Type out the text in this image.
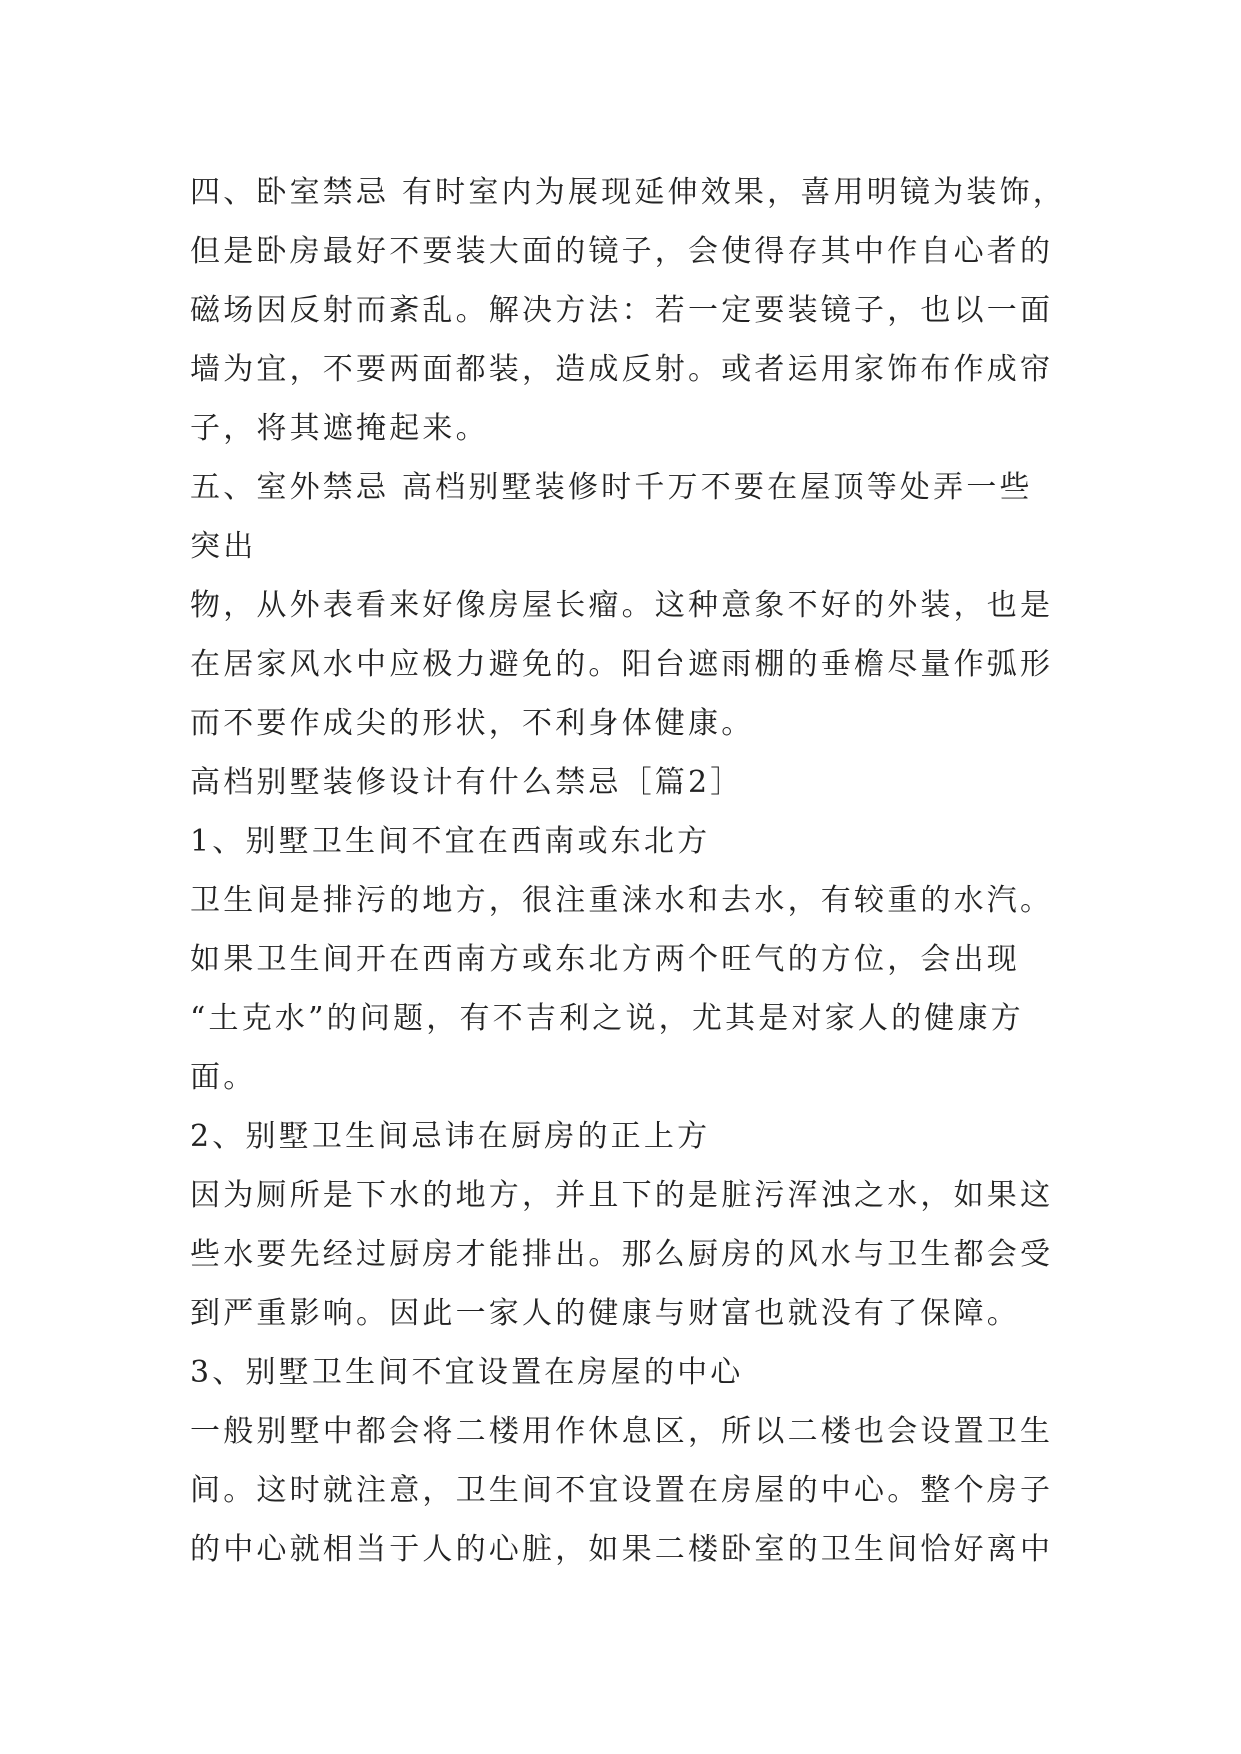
四、卧室禁忌 有时室内为展现延伸效果，喜用明镜为装饰，
但是卧房最好不要装大面的镜子，会使得存其中作自心者的
磁场因反射而紊乱。解决方法：若一定要装镜子，也以一面
墙为宜，不要两面都装，造成反射。或者运用家饰布作成帘
子，将其遮掩起来。
五、室外禁忌 高档别墅装修时千万不要在屋顶等处弄一些
突出
物，从外表看来好像房屋长瘤。这种意象不好的外装，也是
在居家风水中应极力避免的。阳台遮雨棚的垂檐尽量作弧形
而不要作成尖的形状，不利身体健康。
高档别墅装修设计有什么禁忌［篇2］
1、别墅卫生间不宜在西南或东北方
卫生间是排污的地方，很注重涞水和去水，有较重的水汽。
如果卫生间开在西南方或东北方两个旺气的方位，会出现
“土克水”的问题，有不吉利之说，尤其是对家人的健康方
面。
2、别墅卫生间忌讳在厨房的正上方
因为厕所是下水的地方，并且下的是脏污浑浊之水，如果这
些水要先经过厨房才能排出。那么厨房的风水与卫生都会受
到严重影响。因此一家人的健康与财富也就没有了保障。
3、别墅卫生间不宜设置在房屋的中心
一般别墅中都会将二楼用作休息区，所以二楼也会设置卫生
间。这时就注意，卫生间不宜设置在房屋的中心。整个房子
的中心就相当于人的心脏，如果二楼卧室的卫生间恰好离中
